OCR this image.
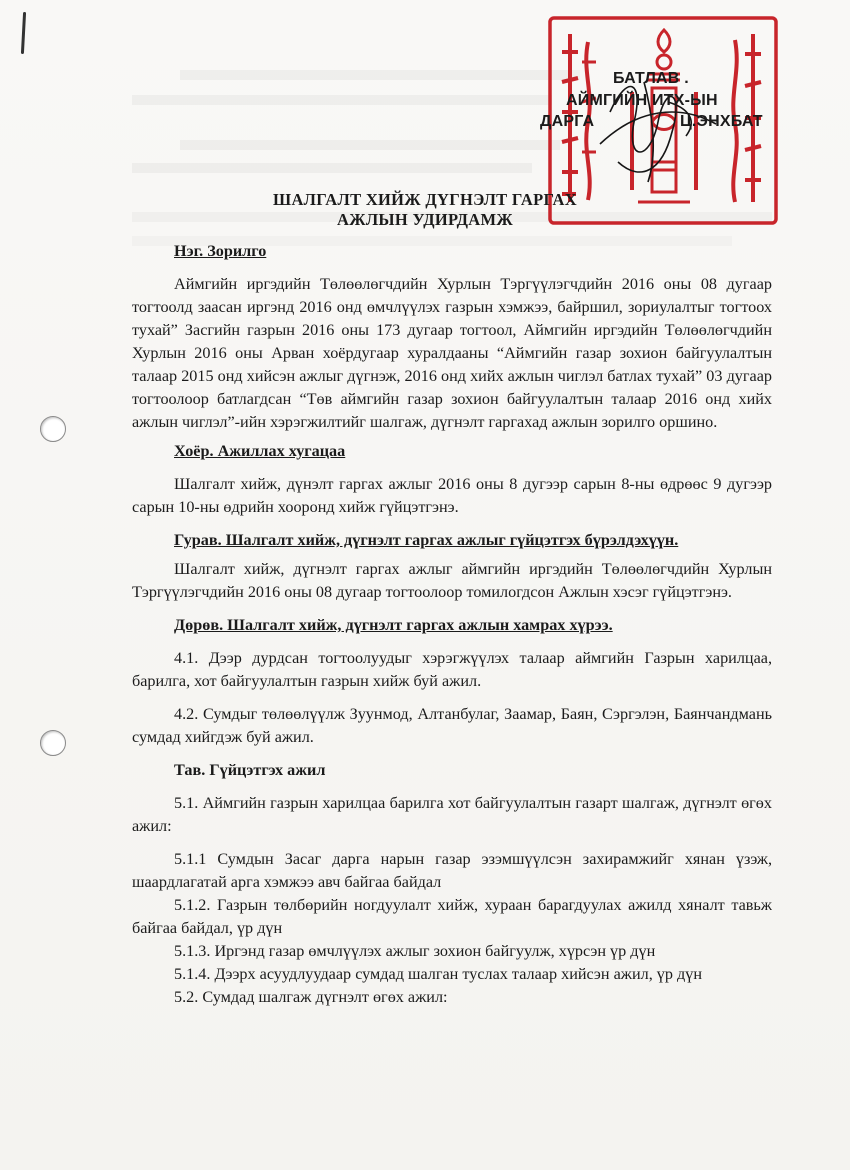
БАТЛАВ .
АЙМГИЙН ИТХ-ЫН
ДАРГА	Ц.ЭНХБАТ
ШАЛГАЛТ ХИЙЖ ДҮГНЭЛТ ГАРГАХ
АЖЛЫН УДИРДАМЖ

Нэг. Зорилго

Аймгийн иргэдийн Төлөөлөгчдийн Хурлын Тэргүүлэгчдийн 2016 оны 08 дугаар тогтоолд заасан иргэнд 2016 онд өмчлүүлэх газрын хэмжээ, байршил, зориулалтыг тогтоох тухай” Засгийн газрын 2016 оны 173 дугаар тогтоол, Аймгийн иргэдийн Төлөөлөгчдийн Хурлын 2016 оны Арван хоёрдугаар хуралдааны “Аймгийн газар зохион байгуулалтын талаар 2015 онд хийсэн ажлыг дүгнэж, 2016 онд хийх ажлын чиглэл батлах тухай” 03 дугаар тогтоолоор батлагдсан “Төв аймгийн газар зохион байгуулалтын талаар 2016 онд хийх ажлын чиглэл”-ийн хэрэгжилтийг шалгаж, дүгнэлт гаргахад ажлын зорилго оршино.

Хоёр. Ажиллах хугацаа

Шалгалт хийж, дүнэлт гаргах ажлыг 2016 оны 8 дугээр сарын 8-ны өдрөөс 9 дугээр сарын 10-ны өдрийн хооронд хийж гүйцэтгэнэ.

Гурав. Шалгалт хийж, дүгнэлт гаргах ажлыг гүйцэтгэх бүрэлдэхүүн.

Шалгалт хийж, дүгнэлт гаргах ажлыг аймгийн иргэдийн Төлөөлөгчдийн Хурлын Тэргүүлэгчдийн 2016 оны 08 дугаар тогтоолоор томилогдсон Ажлын хэсэг гүйцэтгэнэ.

Дөрөв. Шалгалт хийж, дүгнэлт гаргах ажлын хамрах хүрээ.

4.1. Дээр дурдсан тогтоолуудыг хэрэгжүүлэх талаар аймгийн Газрын харилцаа, барилга, хот байгуулалтын газрын хийж буй ажил.

4.2. Сумдыг төлөөлүүлж Зуунмод, Алтанбулаг, Заамар, Баян, Сэргэлэн, Баянчандмань сумдад хийгдэж буй ажил.

Тав. Гүйцэтгэх ажил

5.1. Аймгийн газрын харилцаа барилга хот байгуулалтын газарт шалгаж, дүгнэлт өгөх ажил:

5.1.1 Сумдын Засаг дарга нарын газар эзэмшүүлсэн захирамжийг хянан үзэж, шаардлагатай арга хэмжээ авч байгаа байдал

5.1.2. Газрын төлбөрийн ногдуулалт хийж, хураан барагдуулах ажилд хяналт тавьж байгаа байдал, үр дүн

5.1.3. Иргэнд газар өмчлүүлэх ажлыг зохион байгуулж, хүрсэн үр дүн

5.1.4. Дээрх асуудлуудаар сумдад шалган туслах талаар хийсэн ажил, үр дүн

5.2. Сумдад шалгаж дүгнэлт өгөх ажил:
